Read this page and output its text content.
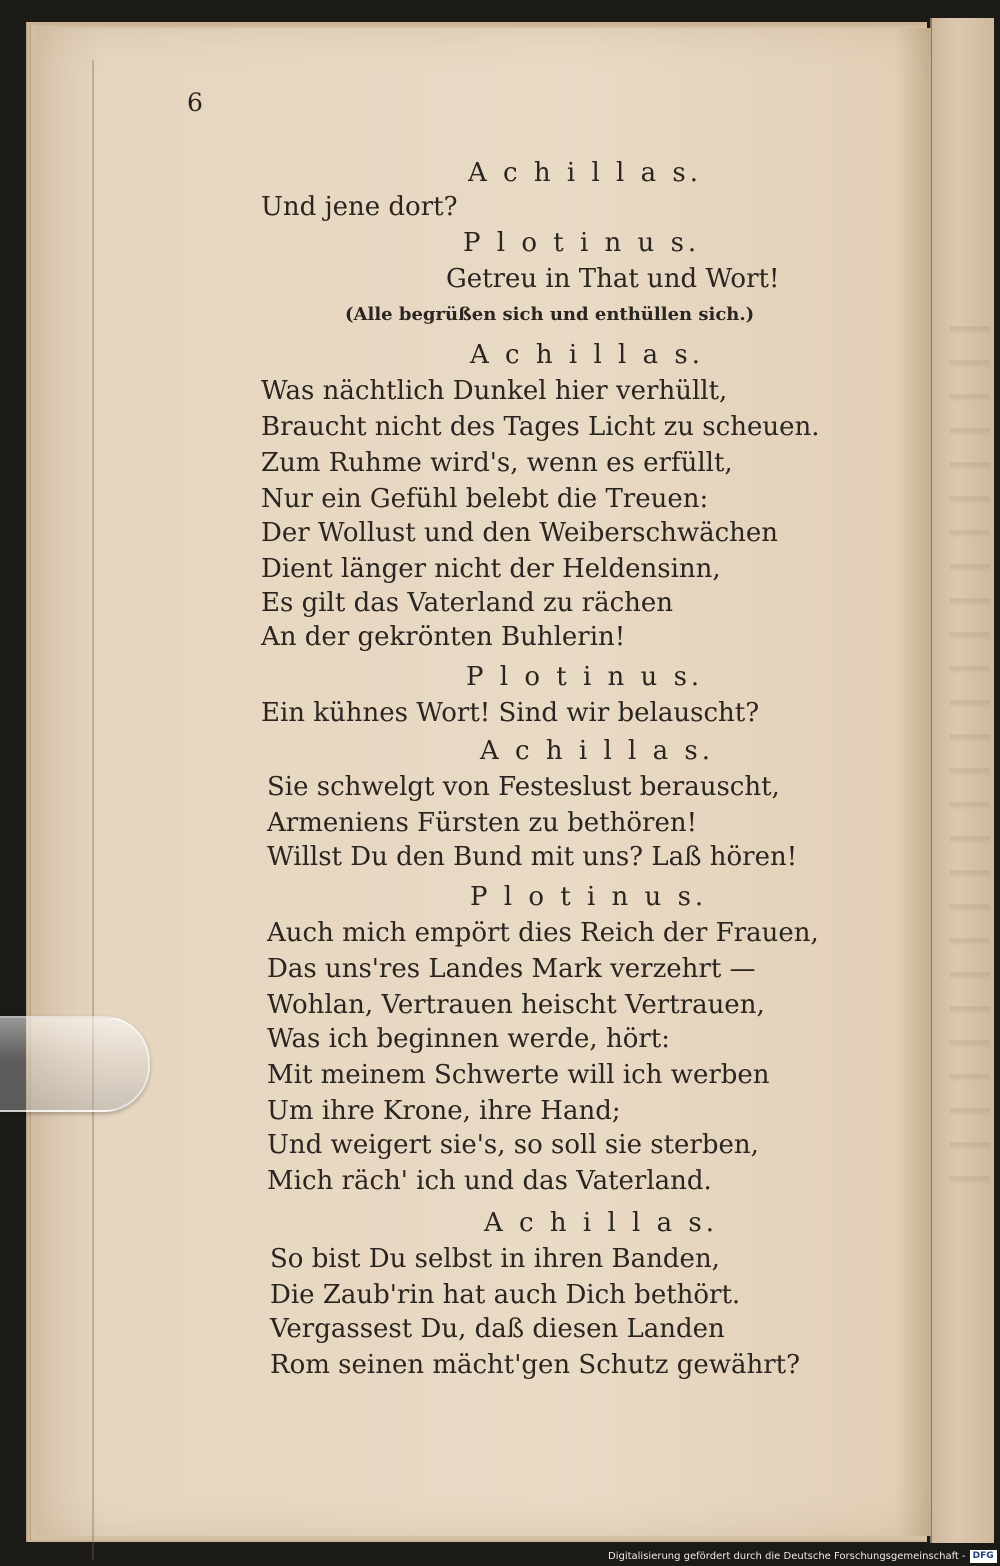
6
A c h i l l a s.
Und jene dort?
P l o t i n u s.
Getreu in That und Wort!
(Alle begrüßen sich und enthüllen sich.)
A c h i l l a s.
Was nächtlich Dunkel hier verhüllt,
Braucht nicht des Tages Licht zu scheuen.
Zum Ruhme wird's, wenn es erfüllt,
Nur ein Gefühl belebt die Treuen:
Der Wollust und den Weiberschwächen
Dient länger nicht der Heldensinn,
Es gilt das Vaterland zu rächen
An der gekrönten Buhlerin!
P l o t i n u s.
Ein kühnes Wort! Sind wir belauscht?
A c h i l l a s.
Sie schwelgt von Festeslust berauscht,
Armeniens Fürsten zu bethören!
Willst Du den Bund mit uns? Laß hören!
P l o t i n u s.
Auch mich empört dies Reich der Frauen,
Das uns'res Landes Mark verzehrt —
Wohlan, Vertrauen heischt Vertrauen,
Was ich beginnen werde, hört:
Mit meinem Schwerte will ich werben
Um ihre Krone, ihre Hand;
Und weigert sie's, so soll sie sterben,
Mich räch' ich und das Vaterland.
A c h i l l a s.
So bist Du selbst in ihren Banden,
Die Zaub'rin hat auch Dich bethört.
Vergassest Du, daß diesen Landen
Rom seinen mächt'gen Schutz gewährt?
Digitalisierung gefördert durch die Deutsche Forschungsgemeinschaft - DFG
